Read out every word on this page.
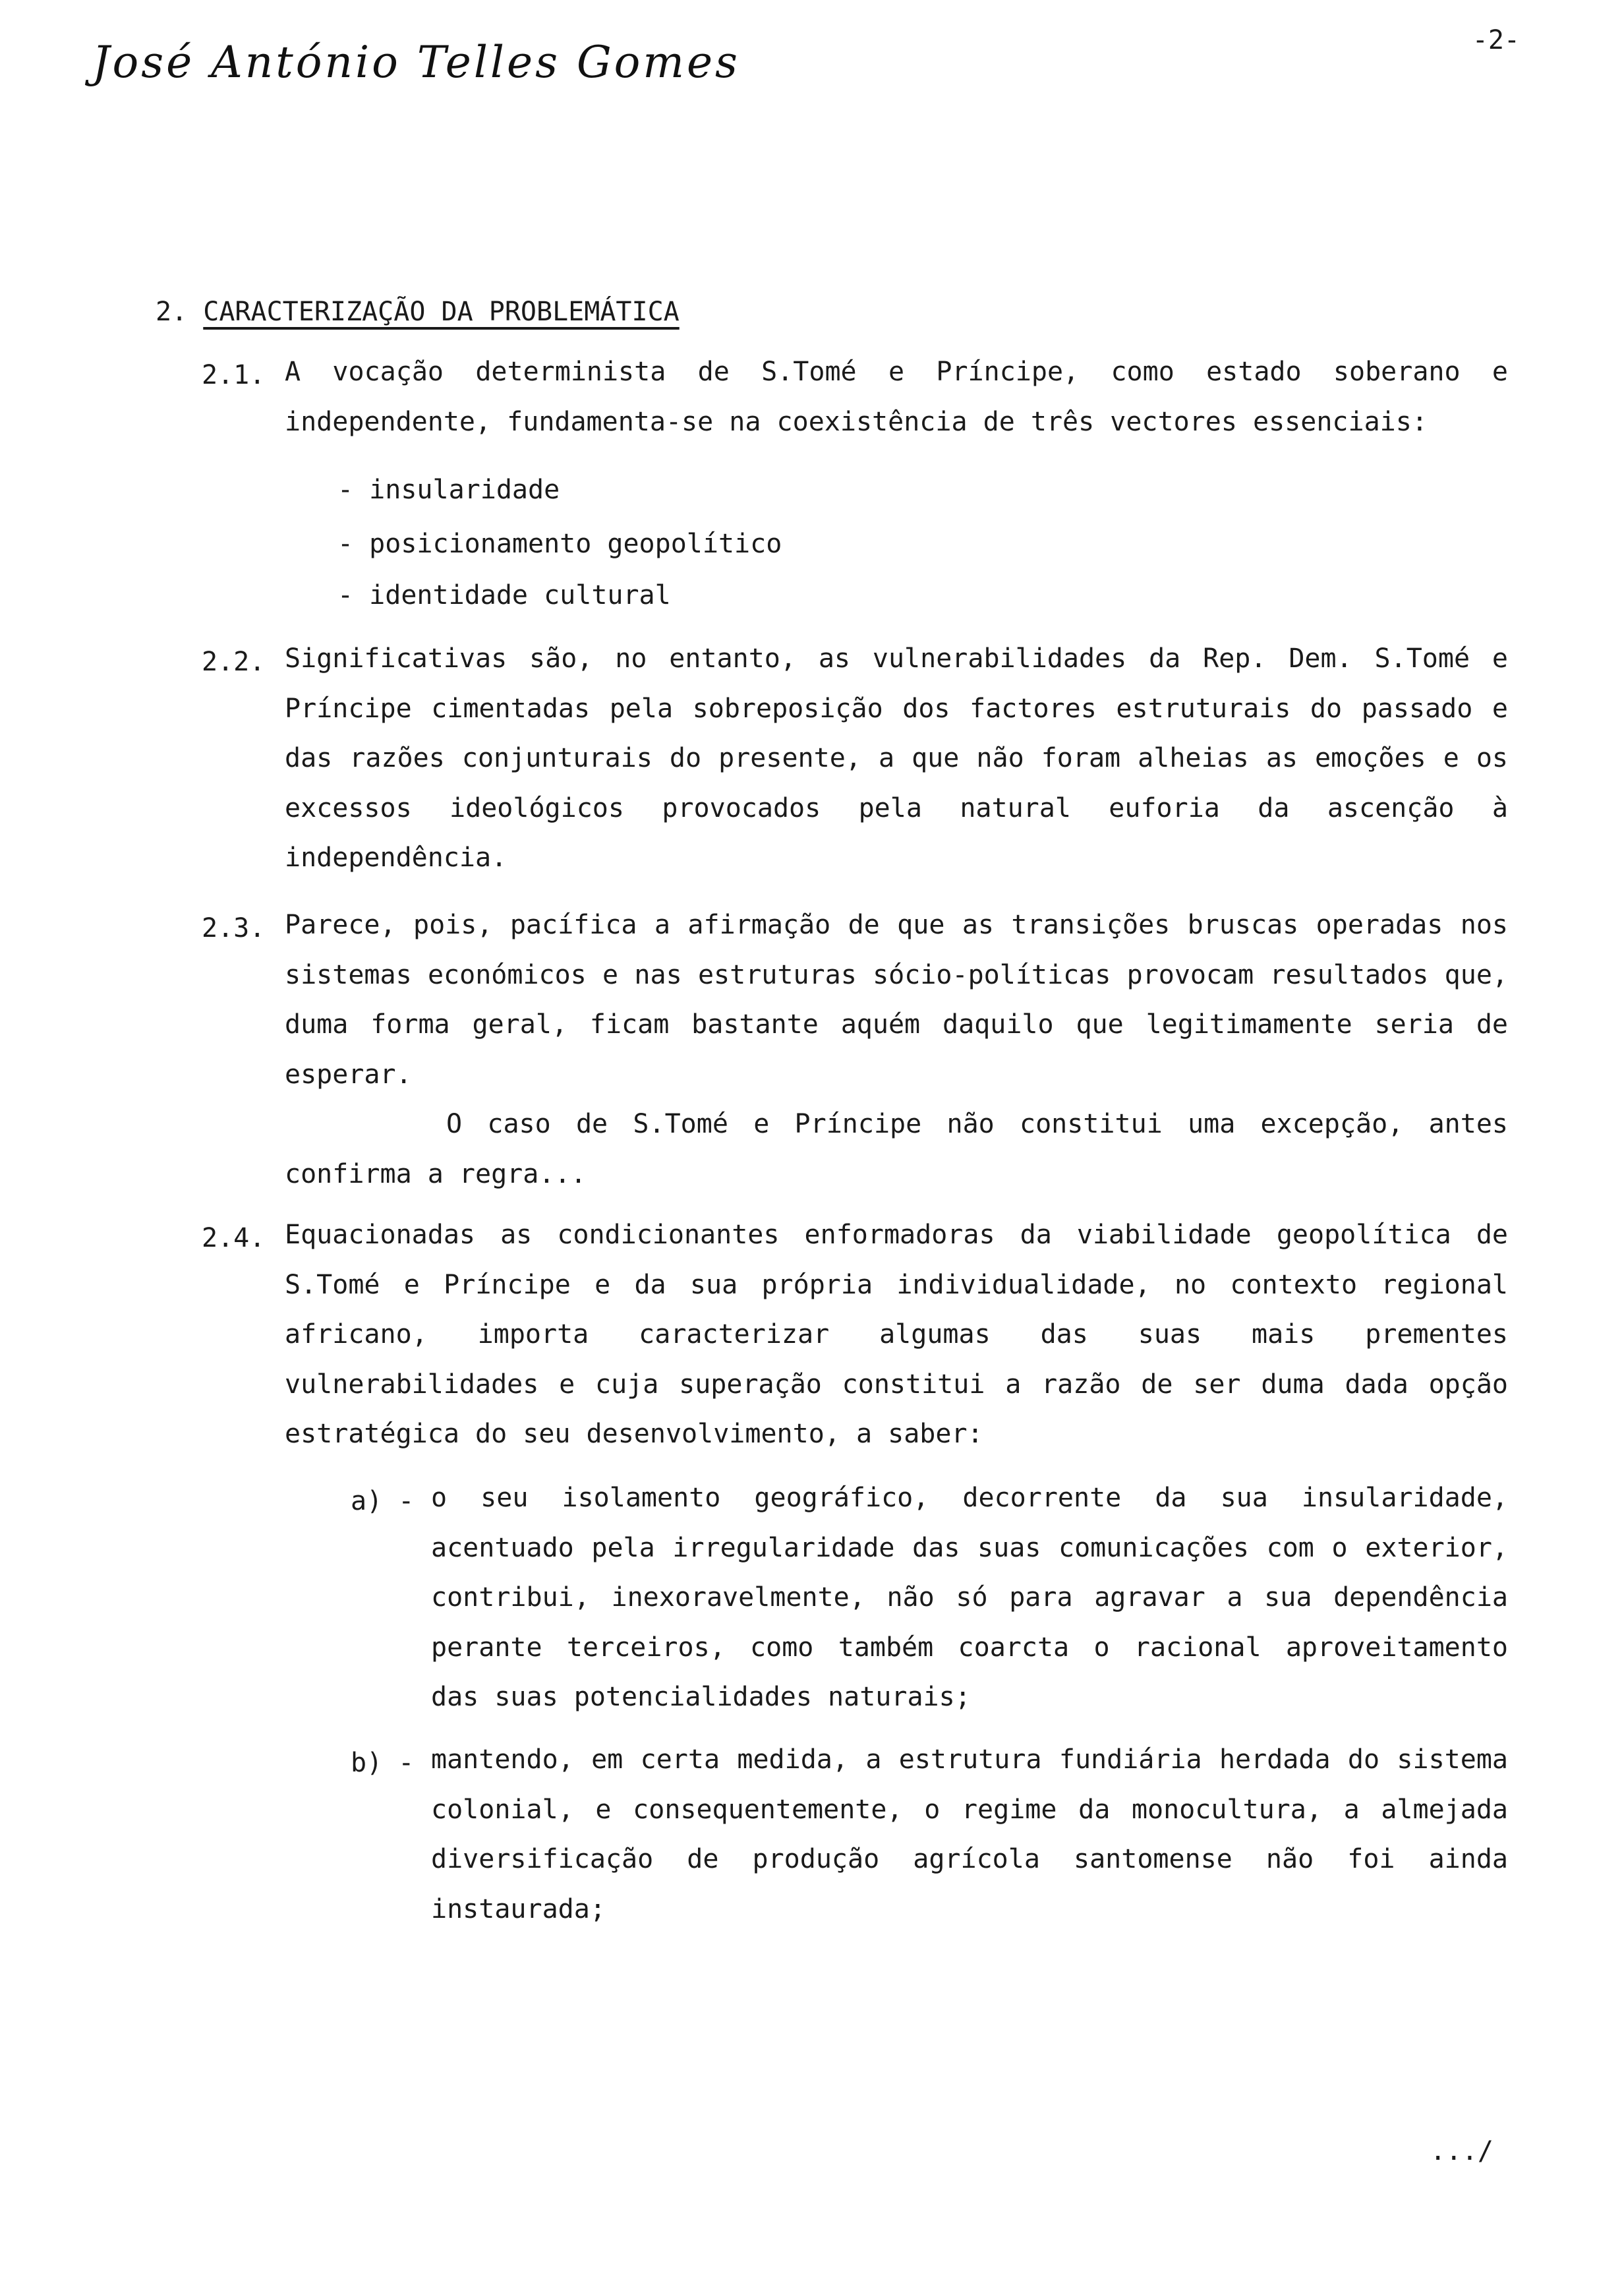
-2-
José António Telles Gomes
2. CARACTERIZAÇÃO DA PROBLEMÁTICA
2.1. A vocação determinista de S.Tomé e Príncipe, como estado soberano e independente, fundamenta-se na coexistência de três vectores essenciais:
- insularidade
- posicionamento geopolítico
- identidade cultural
2.2. Significativas são, no entanto, as vulnerabilidades da Rep. Dem. S.Tomé e Príncipe cimentadas pela sobreposição dos factores estruturais do passado e das razões conjunturais do presente, a que não foram alheias as emoções e os excessos ideológicos provocados pela natural euforia da ascenção à independência.
2.3. Parece, pois, pacífica a afirmação de que as transições bruscas operadas nos sistemas económicos e nas estruturas sócio-políticas provocam resultados que, duma forma geral, ficam bastante aquém daquilo que legitimamente seria de esperar.
O caso de S.Tomé e Príncipe não constitui uma excepção, antes confirma a regra...
2.4. Equacionadas as condicionantes enformadoras da viabilidade geopolítica de S.Tomé e Príncipe e da sua própria individualidade, no contexto regional africano, importa caracterizar algumas das suas mais prementes vulnerabilidades e cuja superação constitui a razão de ser duma dada opção estratégica do seu desenvolvimento, a saber:
a) - o seu isolamento geográfico, decorrente da sua insularidade, acentuado pela irregularidade das suas comunicações com o exterior, contribui, inexoravelmente, não só para agravar a sua dependência perante terceiros, como também coarcta o racional aproveitamento das suas potencialidades naturais;
b) - mantendo, em certa medida, a estrutura fundiária herdada do sistema colonial, e consequentemente, o regime da monocultura, a almejada diversificação de produção agrícola santomense não foi ainda instaurada;
.../
